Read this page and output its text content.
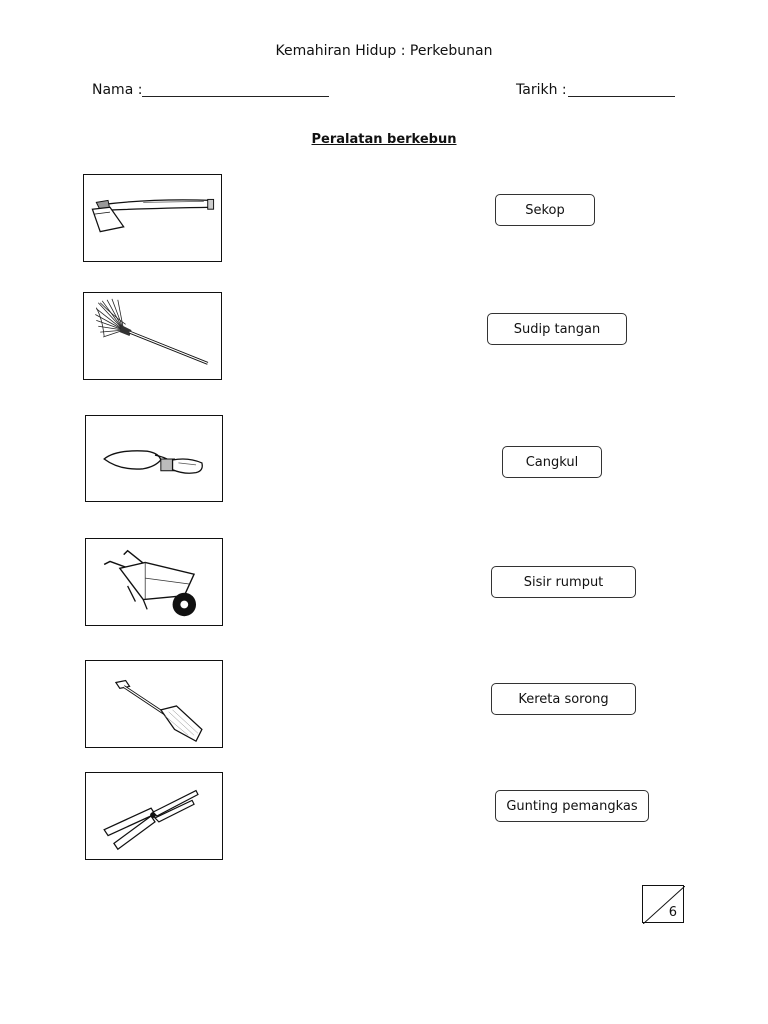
Kemahiran Hidup : Perkebunan
Nama :	Tarikh :
Peralatan berkebun
Sekop
Sudip tangan
Cangkul
Sisir rumput
Kereta sorong
Gunting pemangkas
6
